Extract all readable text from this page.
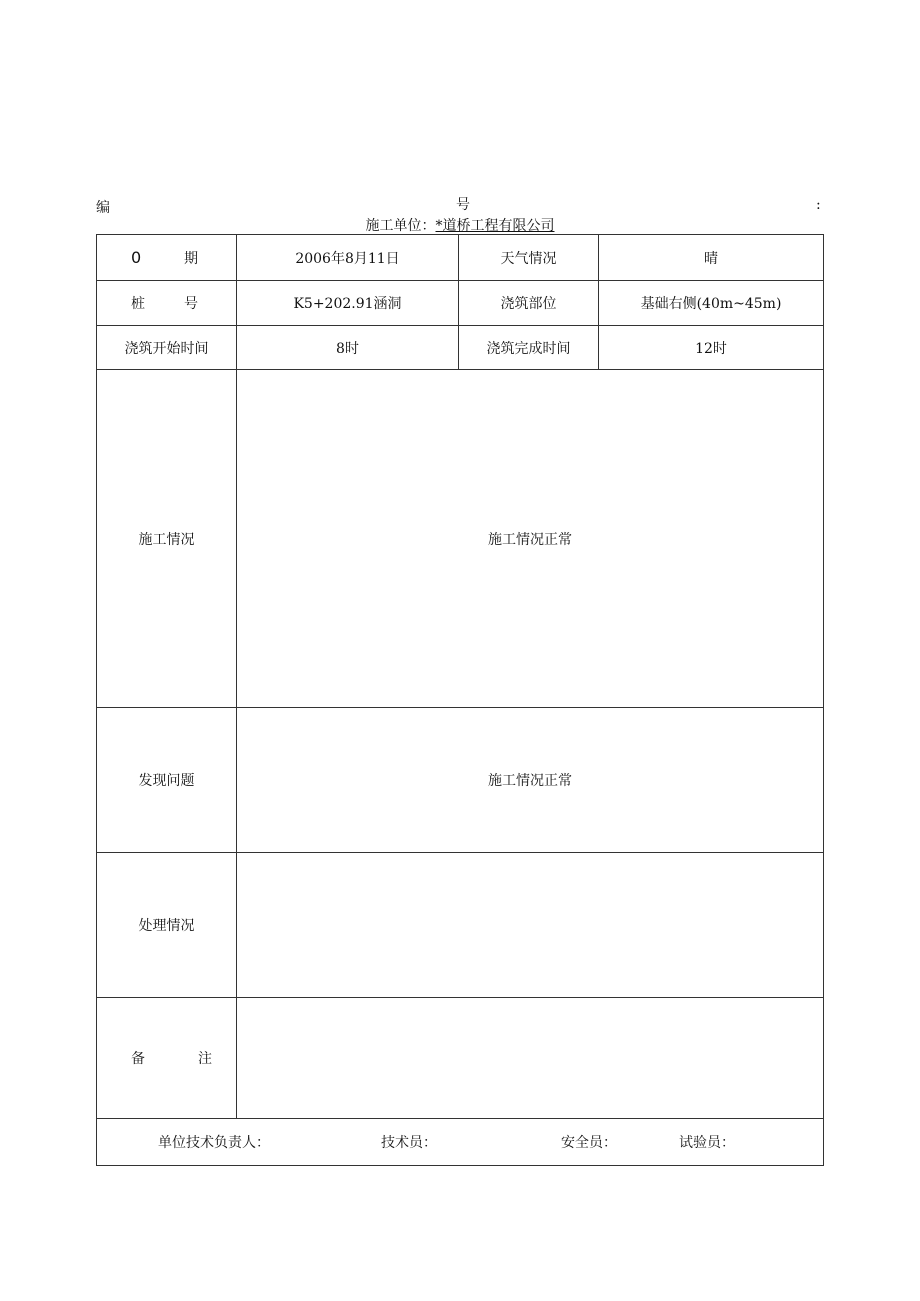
编	号	:
施工单位：*道桥工程有限公司
0 期	2006年8月11日	天气情况	晴

桩 号	K5+202.91涵洞	浇筑部位	基础右侧(40m~45m)
浇筑开始时间	8时	浇筑完成时间	12时
施工情况	施工情况正常		
发现问题	施工情况正常		
处理情况			

备 注			

单位技术负责人： 技术员： 安全员： 试验员：			
